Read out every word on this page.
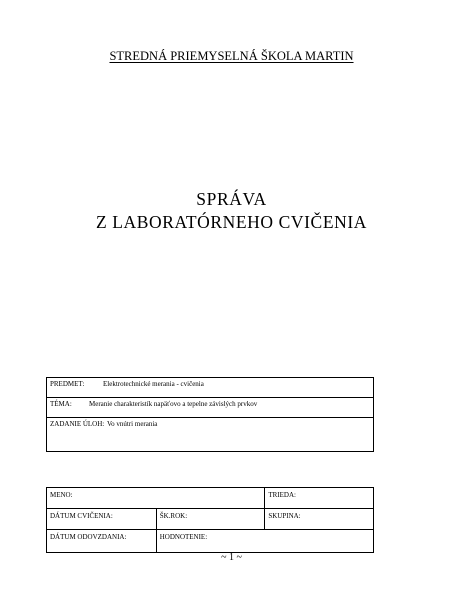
STREDNÁ PRIEMYSELNÁ ŠKOLA MARTIN
SPRÁVA
Z LABORATÓRNEHO CVIČENIA
PREDMET:	Elektrotechnické merania - cvičenia
TÉMA: Meranie charakteristík napäťovo a tepelne závislých prvkov
ZADANIE ÚLOH: Vo vnútri merania
MENO:		TRIEDA:
DÁTUM CVIČENIA:	ŠK.ROK:	SKUPINA:
DÁTUM ODOVZDANIA:	HODNOTENIE:	
~ 1 ~
